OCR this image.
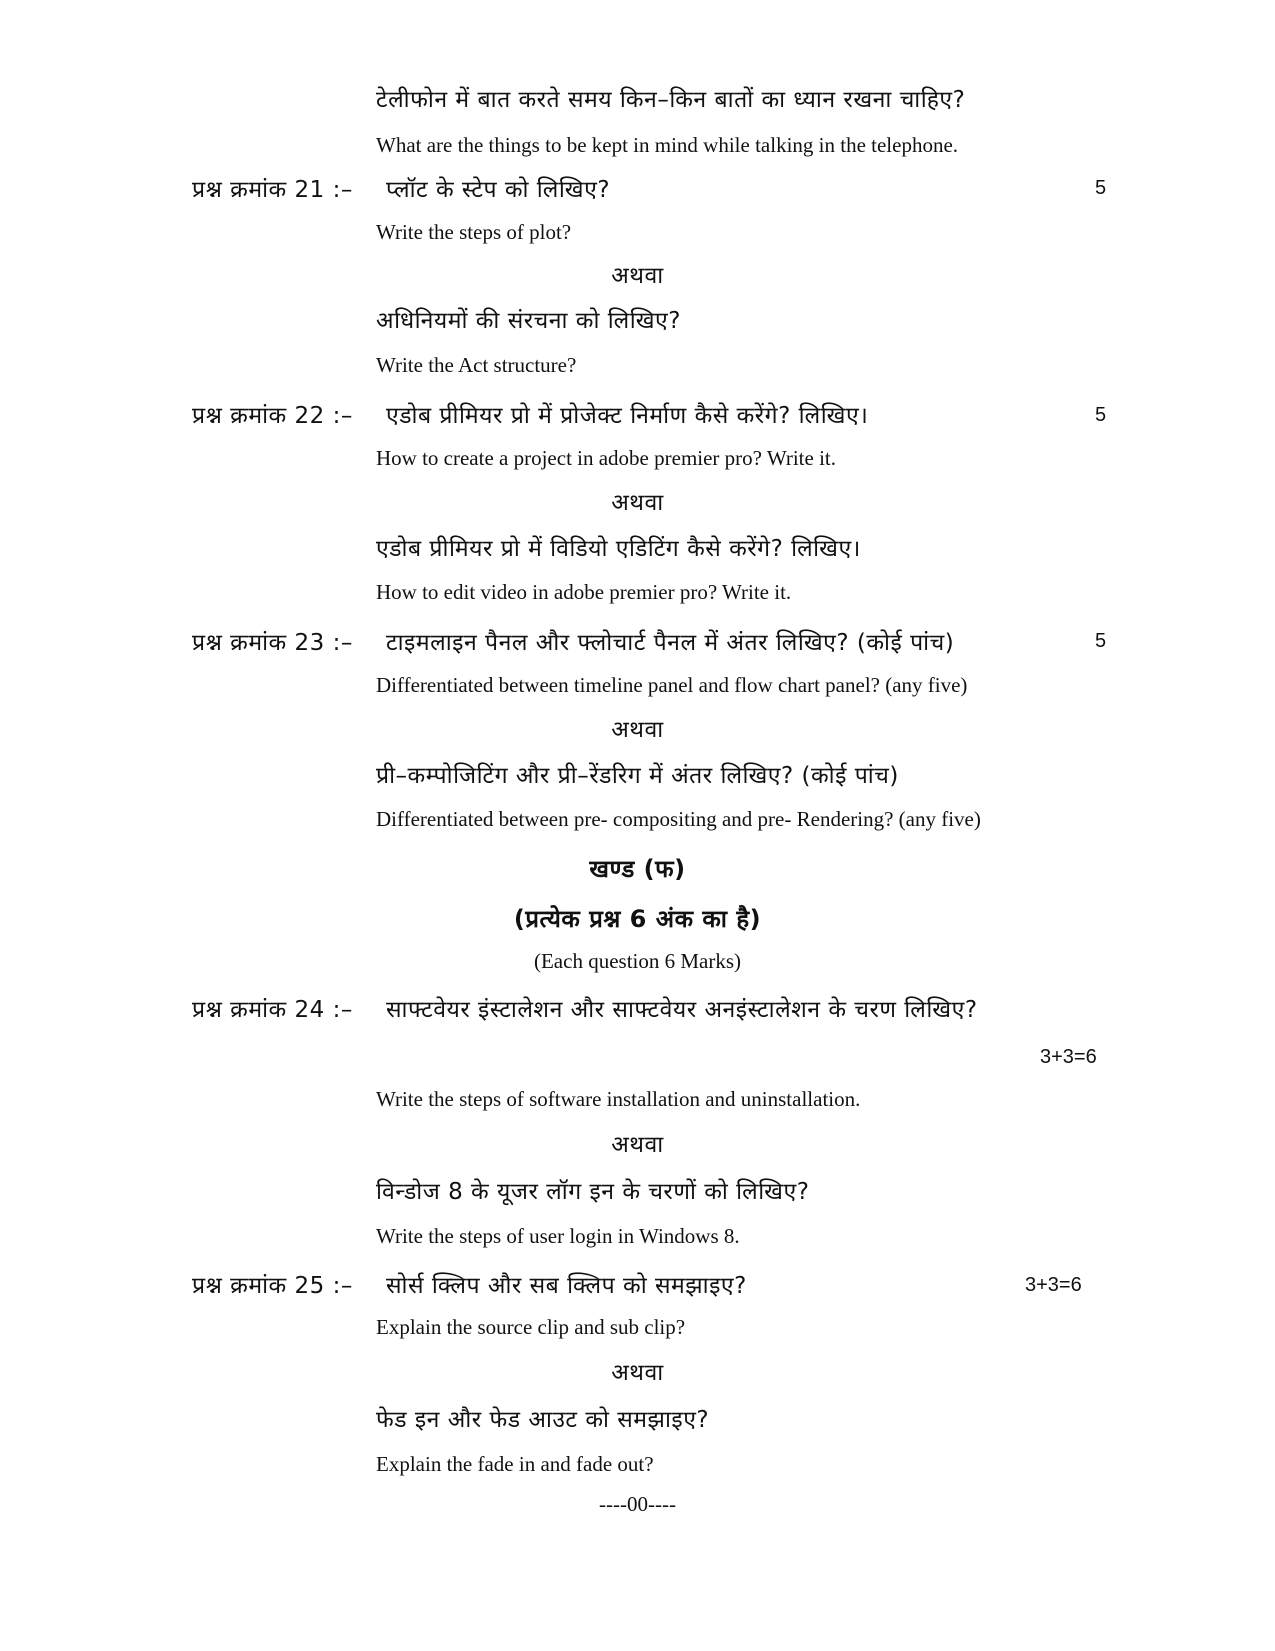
टेलीफोन में बात करते समय किन–किन बातों का ध्यान रखना चाहिए?
What are the things to be kept in mind while talking in the telephone.
प्रश्न क्रमांक 21 :– प्लॉट के स्टेप को लिखिए?	5
Write the steps of plot?
अथवा
अधिनियमों की संरचना को लिखिए?
Write the Act structure?
प्रश्न क्रमांक 22 :– एडोब प्रीमियर प्रो में प्रोजेक्ट निर्माण कैसे करेंगे? लिखिए।	5
How to create a project in adobe premier pro? Write it.
अथवा
एडोब प्रीमियर प्रो में विडियो एडिटिंग कैसे करेंगे? लिखिए।
How to edit video in adobe premier pro? Write it.
प्रश्न क्रमांक 23 :– टाइमलाइन पैनल और फ्लोचार्ट पैनल में अंतर लिखिए? (कोई पांच)	5
Differentiated between timeline panel and flow chart panel? (any five)
अथवा
प्री–कम्पोजिटिंग और प्री–रेंडरिग में अंतर लिखिए? (कोई पांच)
Differentiated between pre- compositing and pre- Rendering? (any five)
खण्ड (फ)
(प्रत्येक प्रश्न 6 अंक का है)
(Each question 6 Marks)
प्रश्न क्रमांक 24 :– साफ्टवेयर इंस्टालेशन और साफ्टवेयर अनइंस्टालेशन के चरण लिखिए?
3+3=6
Write the steps of software installation and uninstallation.
अथवा
विन्डोज 8 के यूजर लॉग इन के चरणों को लिखिए?
Write the steps of user login in Windows 8.
प्रश्न क्रमांक 25 :– सोर्स क्लिप और सब क्लिप को समझाइए?	3+3=6
Explain the source clip and sub clip?
अथवा
फेड इन और फेड आउट को समझाइए?
Explain the fade in and fade out?
----00----
